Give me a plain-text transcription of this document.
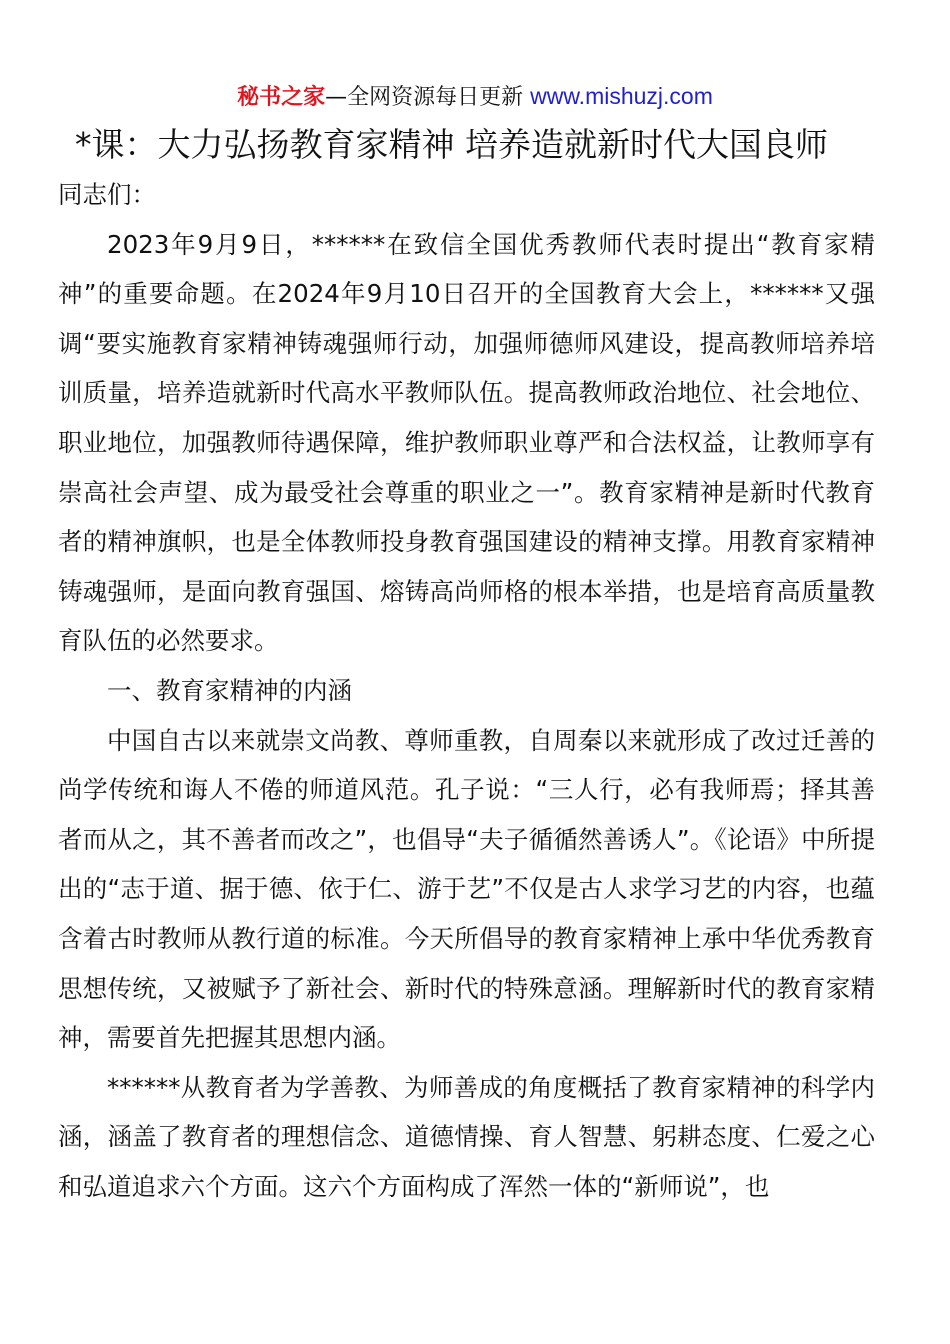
秘书之家—全网资源每日更新 www.mishuzj.com
*课：大力弘扬教育家精神 培养造就新时代大国良师

同志们：

2023年9月9日，******在致信全国优秀教师代表时提出“教育家精神”的重要命题。在2024年9月10日召开的全国教育大会上，******又强调“要实施教育家精神铸魂强师行动，加强师德师风建设，提高教师培养培训质量，培养造就新时代高水平教师队伍。提高教师政治地位、社会地位、职业地位，加强教师待遇保障，维护教师职业尊严和合法权益，让教师享有崇高社会声望、成为最受社会尊重的职业之一”。教育家精神是新时代教育者的精神旗帜，也是全体教师投身教育强国建设的精神支撑。用教育家精神铸魂强师，是面向教育强国、熔铸高尚师格的根本举措，也是培育高质量教育队伍的必然要求。

一、教育家精神的内涵

中国自古以来就崇文尚教、尊师重教，自周秦以来就形成了改过迁善的尚学传统和诲人不倦的师道风范。孔子说：“三人行，必有我师焉；择其善者而从之，其不善者而改之”，也倡导“夫子循循然善诱人”。《论语》中所提出的“志于道、据于德、依于仁、游于艺”不仅是古人求学习艺的内容，也蕴含着古时教师从教行道的标准。今天所倡导的教育家精神上承中华优秀教育思想传统，又被赋予了新社会、新时代的特殊意涵。理解新时代的教育家精神，需要首先把握其思想内涵。

******从教育者为学善教、为师善成的角度概括了教育家精神的科学内涵，涵盖了教育者的理想信念、道德情操、育人智慧、躬耕态度、仁爱之心和弘道追求六个方面。这六个方面构成了浑然一体的“新师说”，也
